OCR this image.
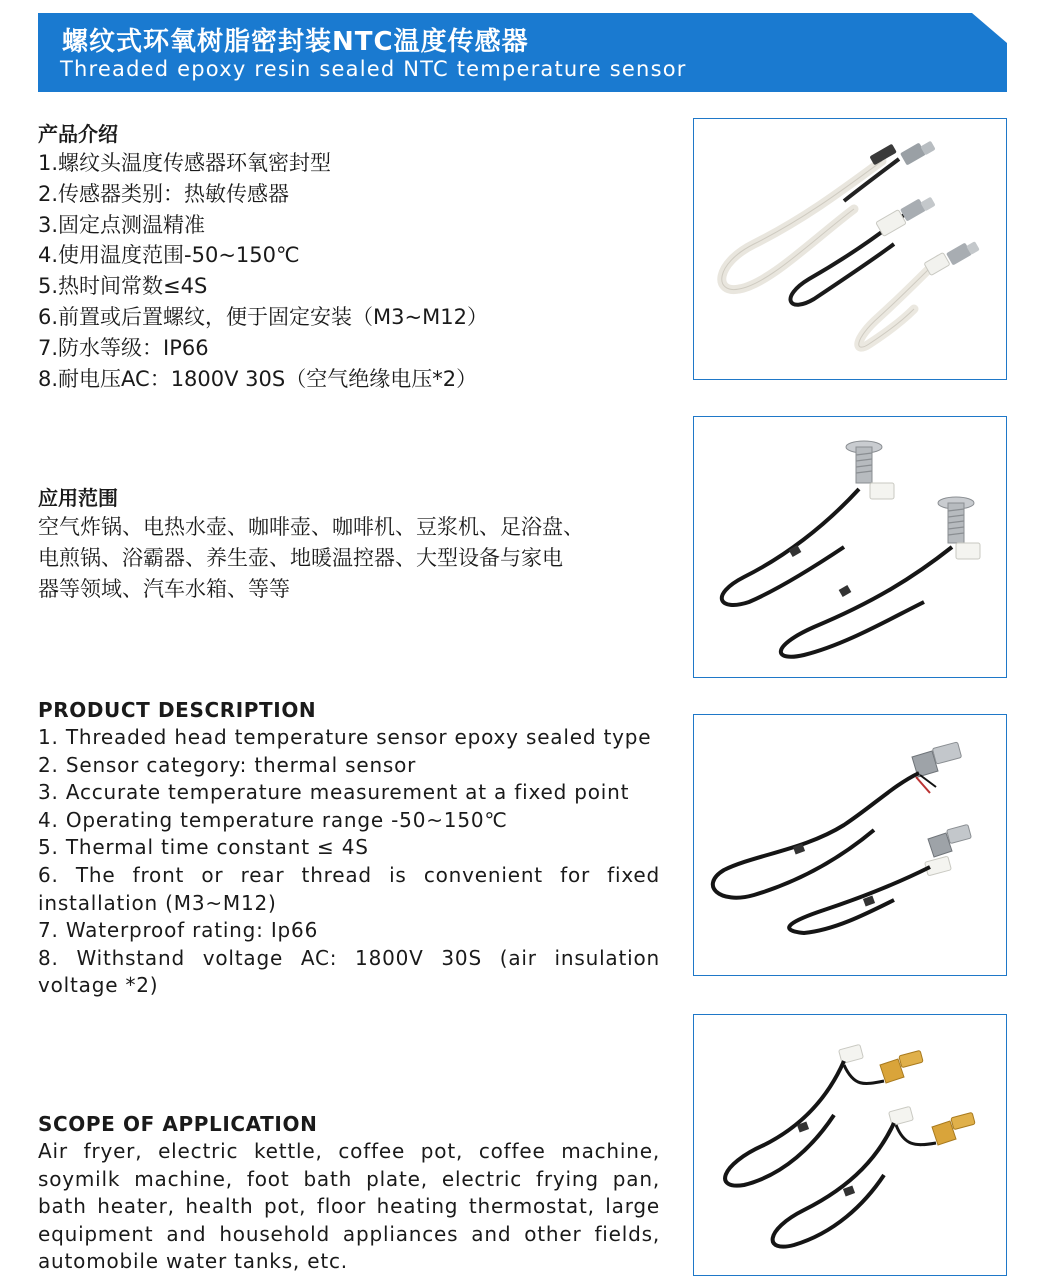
螺纹式环氧树脂密封装NTC温度传感器
Threaded epoxy resin sealed NTC temperature sensor
产品介绍
1.螺纹头温度传感器环氧密封型
2.传感器类别：热敏传感器
3.固定点测温精准
4.使用温度范围-50~150℃
5.热时间常数≤4S
6.前置或后置螺纹，便于固定安装（M3~M12）
7.防水等级：IP66
8.耐电压AC：1800V 30S（空气绝缘电压*2）
应用范围
空气炸锅、电热水壶、咖啡壶、咖啡机、豆浆机、足浴盘、
电煎锅、浴霸器、养生壶、地暖温控器、大型设备与家电
器等领域、汽车水箱、等等
PRODUCT DESCRIPTION
1. Threaded head temperature sensor epoxy sealed type
2. Sensor category: thermal sensor
3. Accurate temperature measurement at a fixed point
4. Operating temperature range -50~150℃
5. Thermal time constant ≤ 4S
6. The front or rear thread is convenient for fixed installation (M3~M12)
7. Waterproof rating: Ip66
8. Withstand voltage AC: 1800V 30S (air insulation voltage *2)
SCOPE OF APPLICATION

Air fryer, electric kettle, coffee pot, coffee machine, soymilk machine, foot bath plate, electric frying pan, bath heater, health pot, floor heating thermostat, large equipment and household appliances and other fields, automobile water tanks, etc.
